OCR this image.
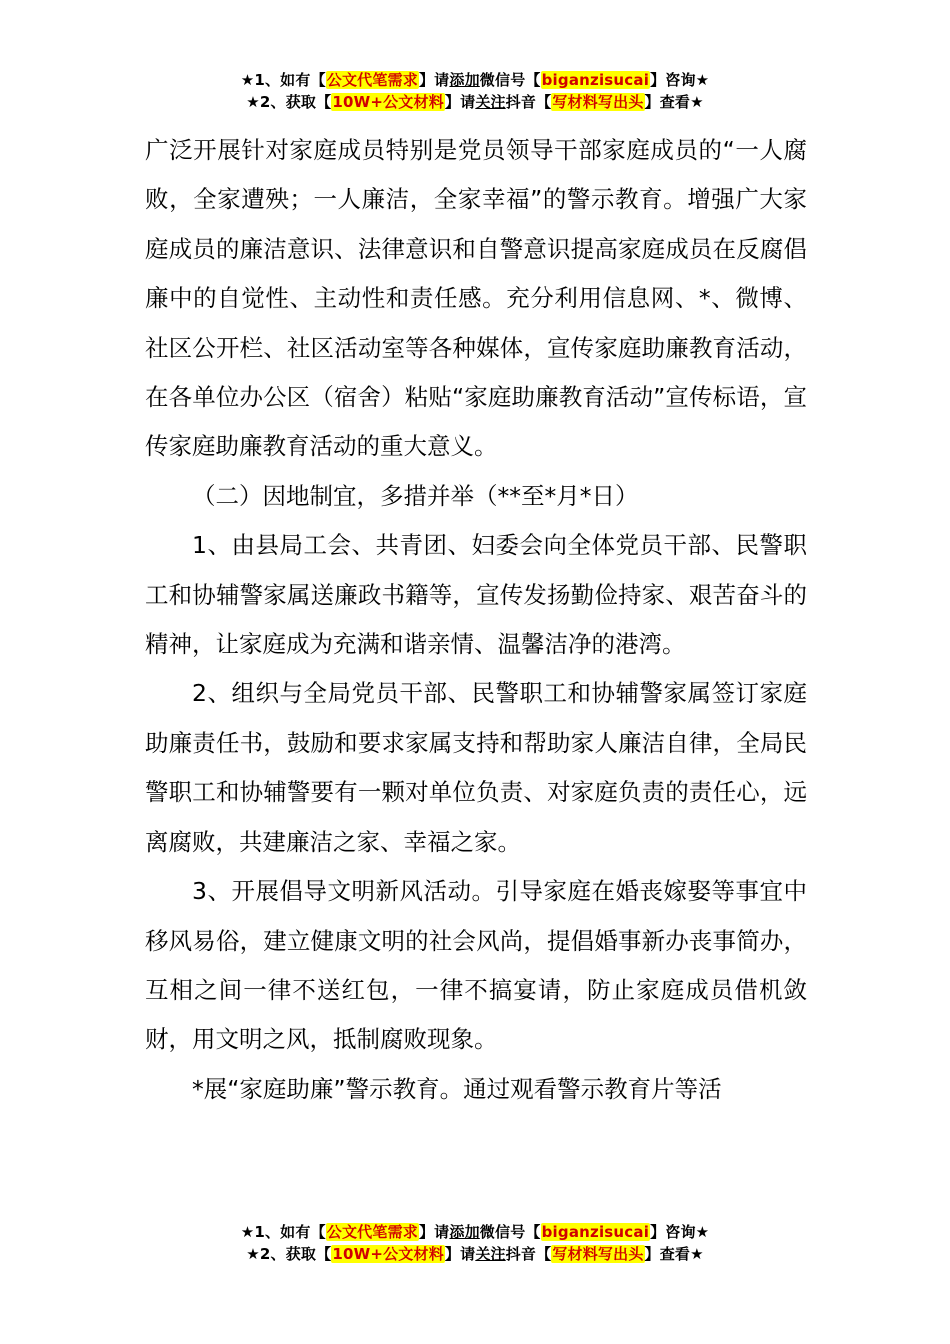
★1、如有【公文代笔需求】请添加微信号【biganzisucai】咨询★
★2、获取【10W+公文材料】请关注抖音【写材料写出头】查看★

广泛开展针对家庭成员特别是党员领导干部家庭成员的“一人腐败，全家遭殃；一人廉洁，全家幸福”的警示教育。增强广大家庭成员的廉洁意识、法律意识和自警意识提高家庭成员在反腐倡廉中的自觉性、主动性和责任感。充分利用信息网、*、微博、社区公开栏、社区活动室等各种媒体，宣传家庭助廉教育活动，在各单位办公区（宿舍）粘贴“家庭助廉教育活动”宣传标语，宣传家庭助廉教育活动的重大意义。

（二）因地制宜，多措并举（**至*月*日）

1、由县局工会、共青团、妇委会向全体党员干部、民警职工和协辅警家属送廉政书籍等，宣传发扬勤俭持家、艰苦奋斗的精神，让家庭成为充满和谐亲情、温馨洁净的港湾。

2、组织与全局党员干部、民警职工和协辅警家属签订家庭助廉责任书，鼓励和要求家属支持和帮助家人廉洁自律，全局民警职工和协辅警要有一颗对单位负责、对家庭负责的责任心，远离腐败，共建廉洁之家、幸福之家。

3、开展倡导文明新风活动。引导家庭在婚丧嫁娶等事宜中移风易俗，建立健康文明的社会风尚，提倡婚事新办丧事简办，互相之间一律不送红包，一律不搞宴请，防止家庭成员借机敛财，用文明之风，抵制腐败现象。

*展“家庭助廉”警示教育。通过观看警示教育片等活

★1、如有【公文代笔需求】请添加微信号【biganzisucai】咨询★
★2、获取【10W+公文材料】请关注抖音【写材料写出头】查看★
